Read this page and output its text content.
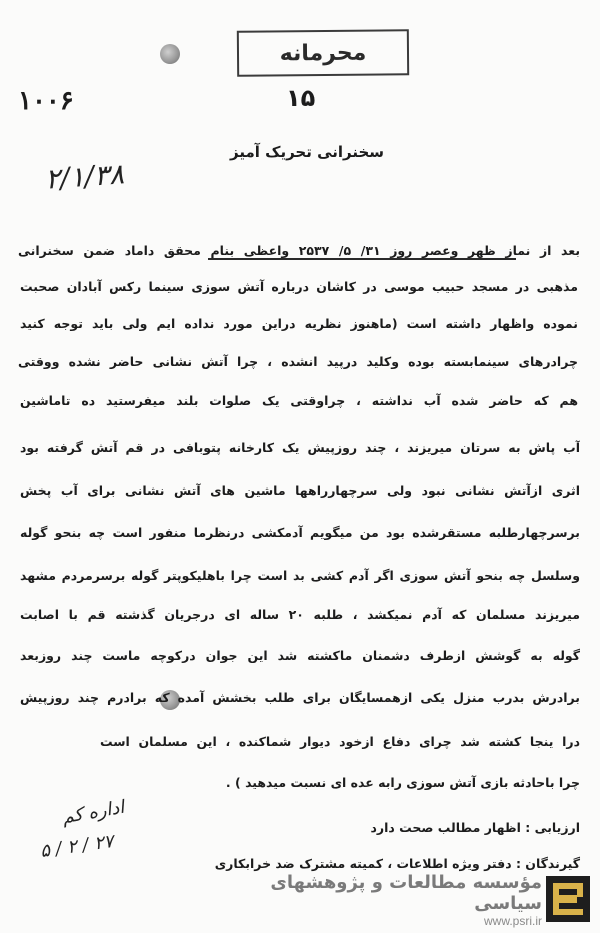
محرمانه
۱۰۰۶	۱۵
۲/۱/۳۸
سخنرانی تحریک آمیز
بعد از نماز ظهر وعصر روز ۳۱/ ۵/ ۲۵۳۷ واعظی بنام محقق داماد ضمن سخنرانی
مذهبی در مسجد حبیب موسی در کاشان درباره آتش سوزی سینما رکس آبادان صحبت
نموده واظهار داشته است (ماهنوز نظریه دراین مورد نداده ایم ولی باید توجه کنید
چرادرهای سینمابسته بوده وکلید درپید انشده ، چرا آتش نشانی حاضر نشده ووقتی
هم که حاضر شده آب نداشته ، چراوقتی یک صلوات بلند میفرستید ده تاماشین
آب پاش به سرتان میریزند ، چند روزپیش یک کارخانه پتوبافی در قم آتش گرفته بود
اثری ازآتش نشانی نبود ولی سرچهارراهها ماشین های آتش نشانی برای آب پخش
برسرچهارطلبه مستقرشده بود من میگویم آدمکشی درنظرما منفور است چه بنحو گوله
وسلسل چه بنحو آتش سوزی اگر آدم کشی بد است چرا باهلیکوپتر گوله برسرمردم مشهد
میریزند مسلمان که آدم نمیکشد ، طلبه ۲۰ ساله ای درجریان گذشته قم با اصابت
گوله به گوشش ازطرف دشمنان ماکشته شد این جوان درکوچه ماست چند روزبعد
برادرش بدرب منزل یکی ازهمسایگان برای طلب بخشش آمده که برادرم چند روزپیش
درا ینجا کشته شد چرای دفاع ازخود دیوار شماکنده ، این مسلمان است
چرا باحادثه بازی آتش سوزی رابه عده ای نسبت میدهید ) .
ارزیابی : اظهار مطالب صحت دارد
گیرندگان : دفتر ویژه اطلاعات ، کمیته مشترک ضد خرابکاری
اداره کم
۵ / ۲ / ۲۷
مؤسسه مطالعات و پژوهشهای سیاسی
www.psri.ir
